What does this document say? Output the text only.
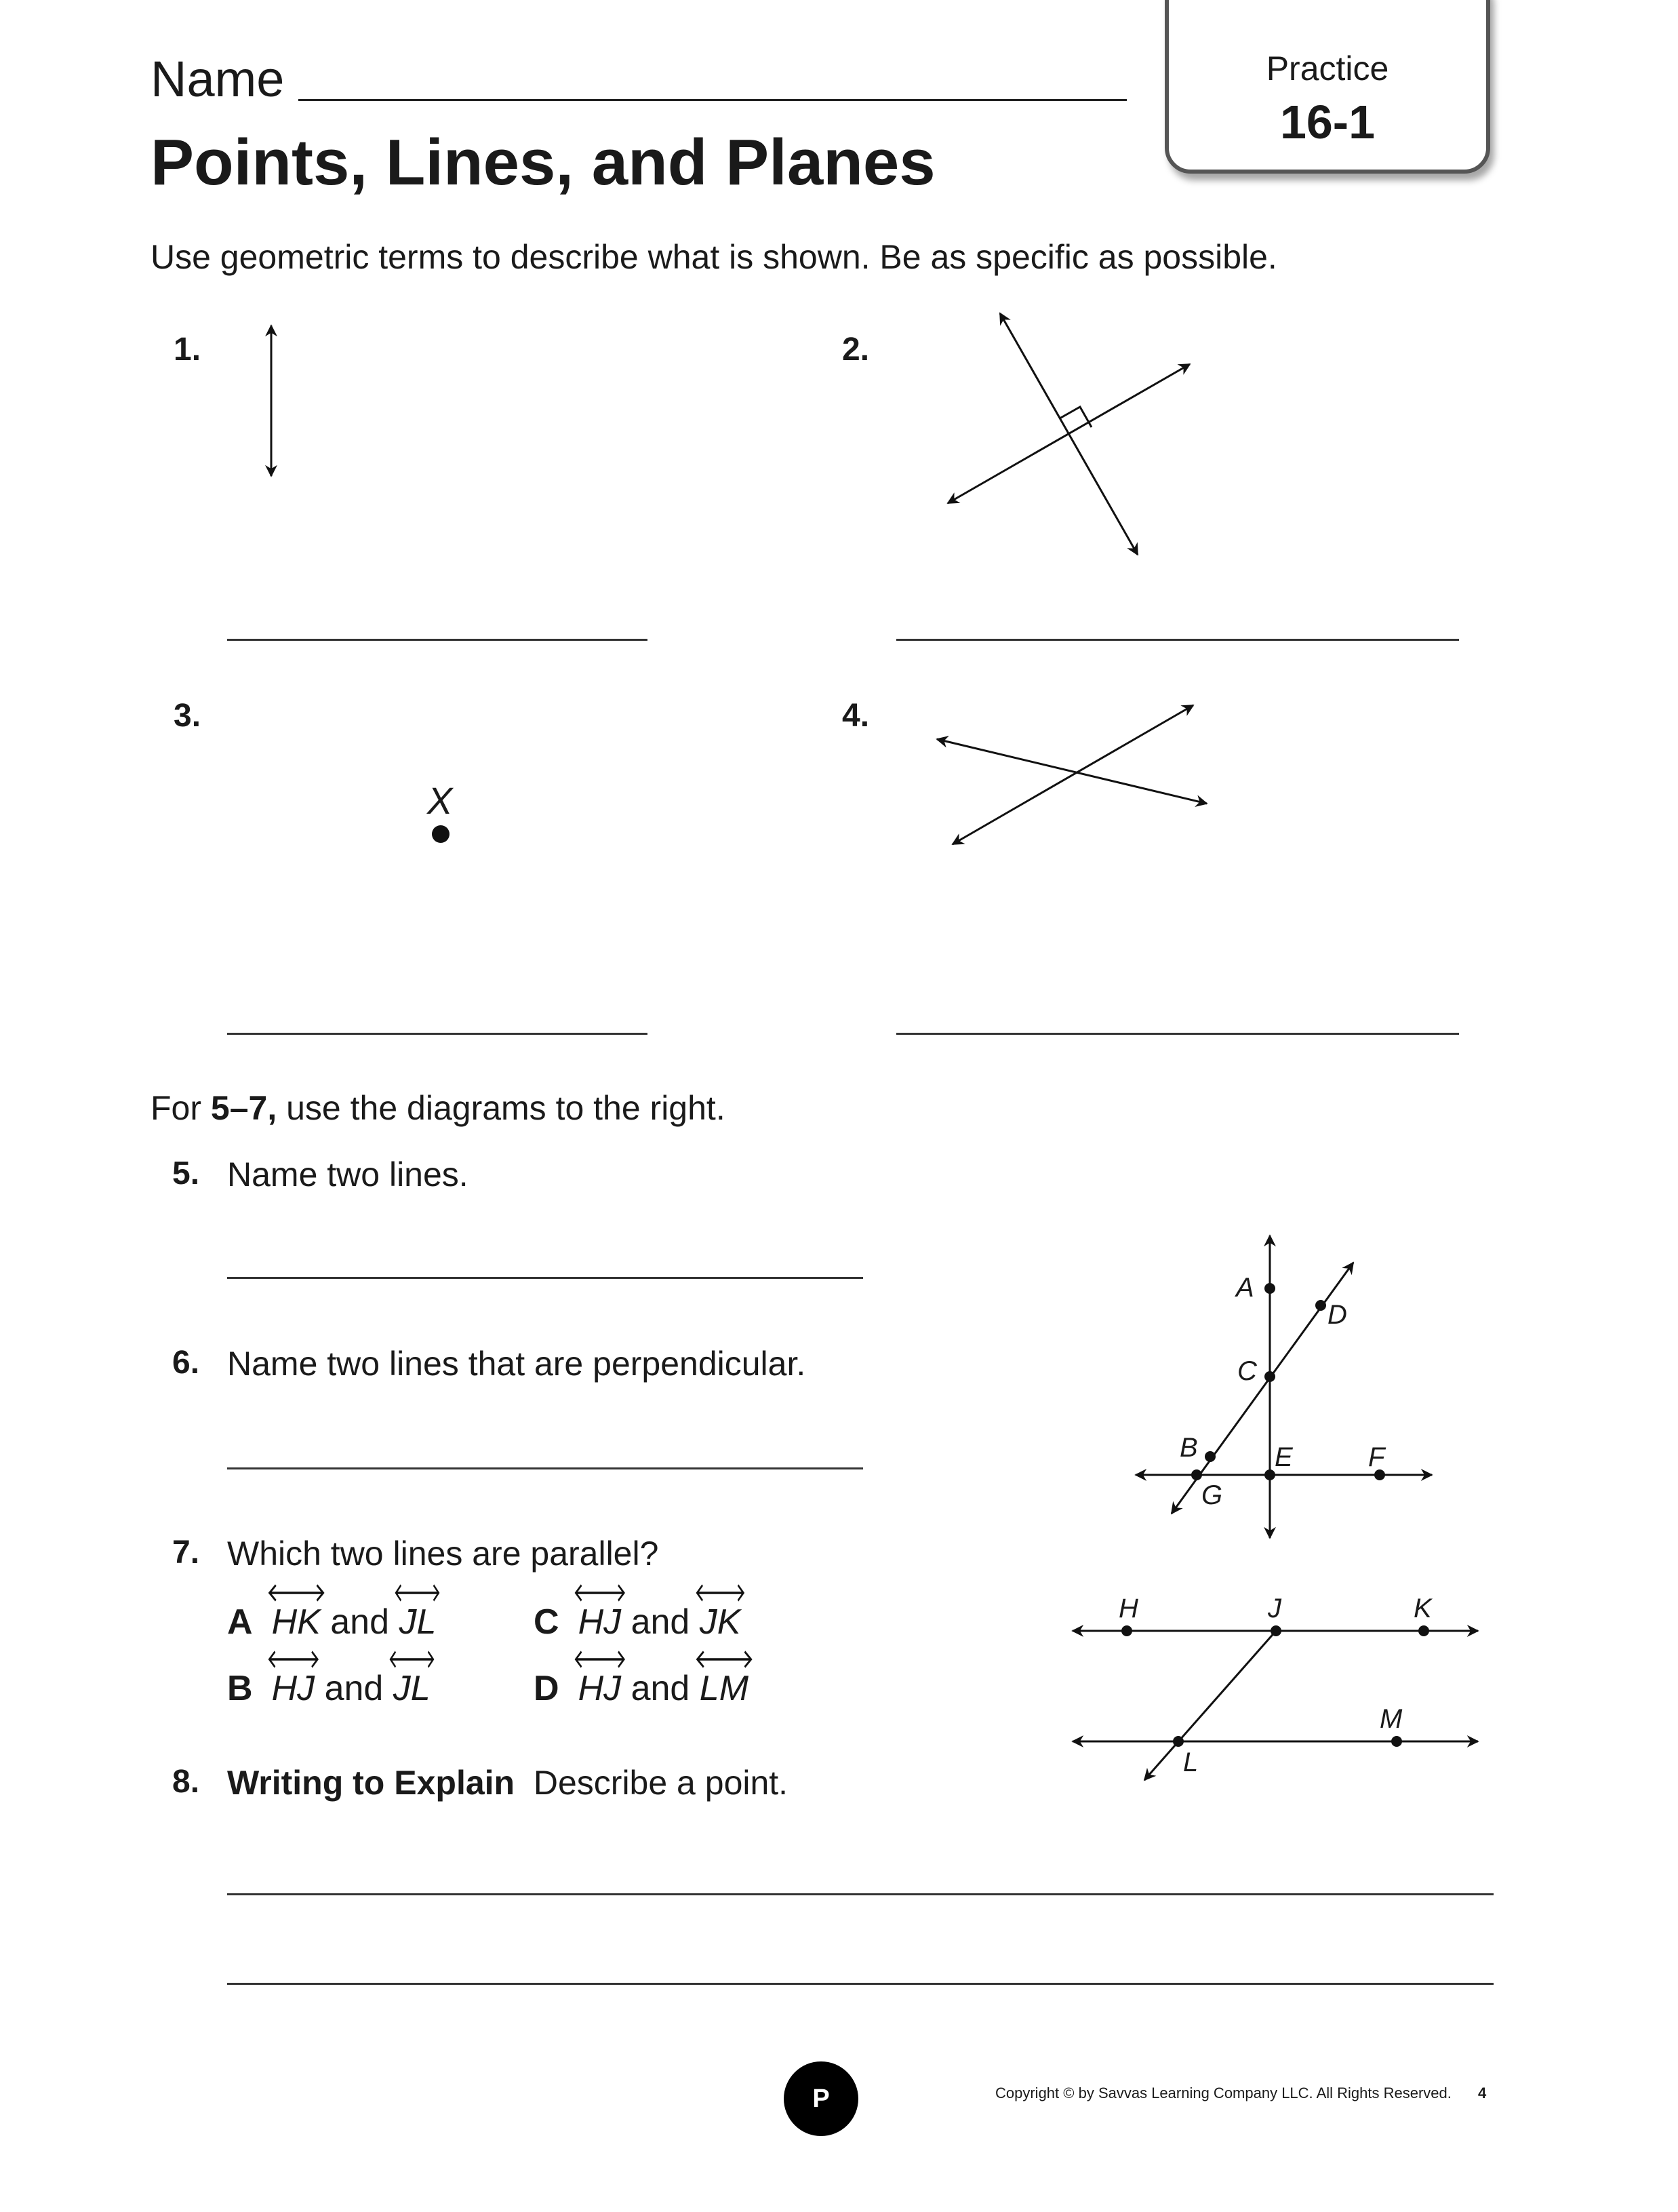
Name
Points, Lines, and Planes
Practice
16-1
Use geometric terms to describe what is shown. Be as specific as possible.
1.	2.
3.	4.
X
A
D
C
B
G
E	F
H	J	K
L
M
For 5–7, use the diagrams to the right.
5. Name two lines.
6. Name two lines that are perpendicular.
7. Which two lines are parallel?
A HK and JL
B HJ and JL
C HJ and JK
D HJ and LM
8. Writing to Explain Describe a point.
P 16•1
Copyright © by Savvas Learning Company LLC. All Rights Reserved. 4
